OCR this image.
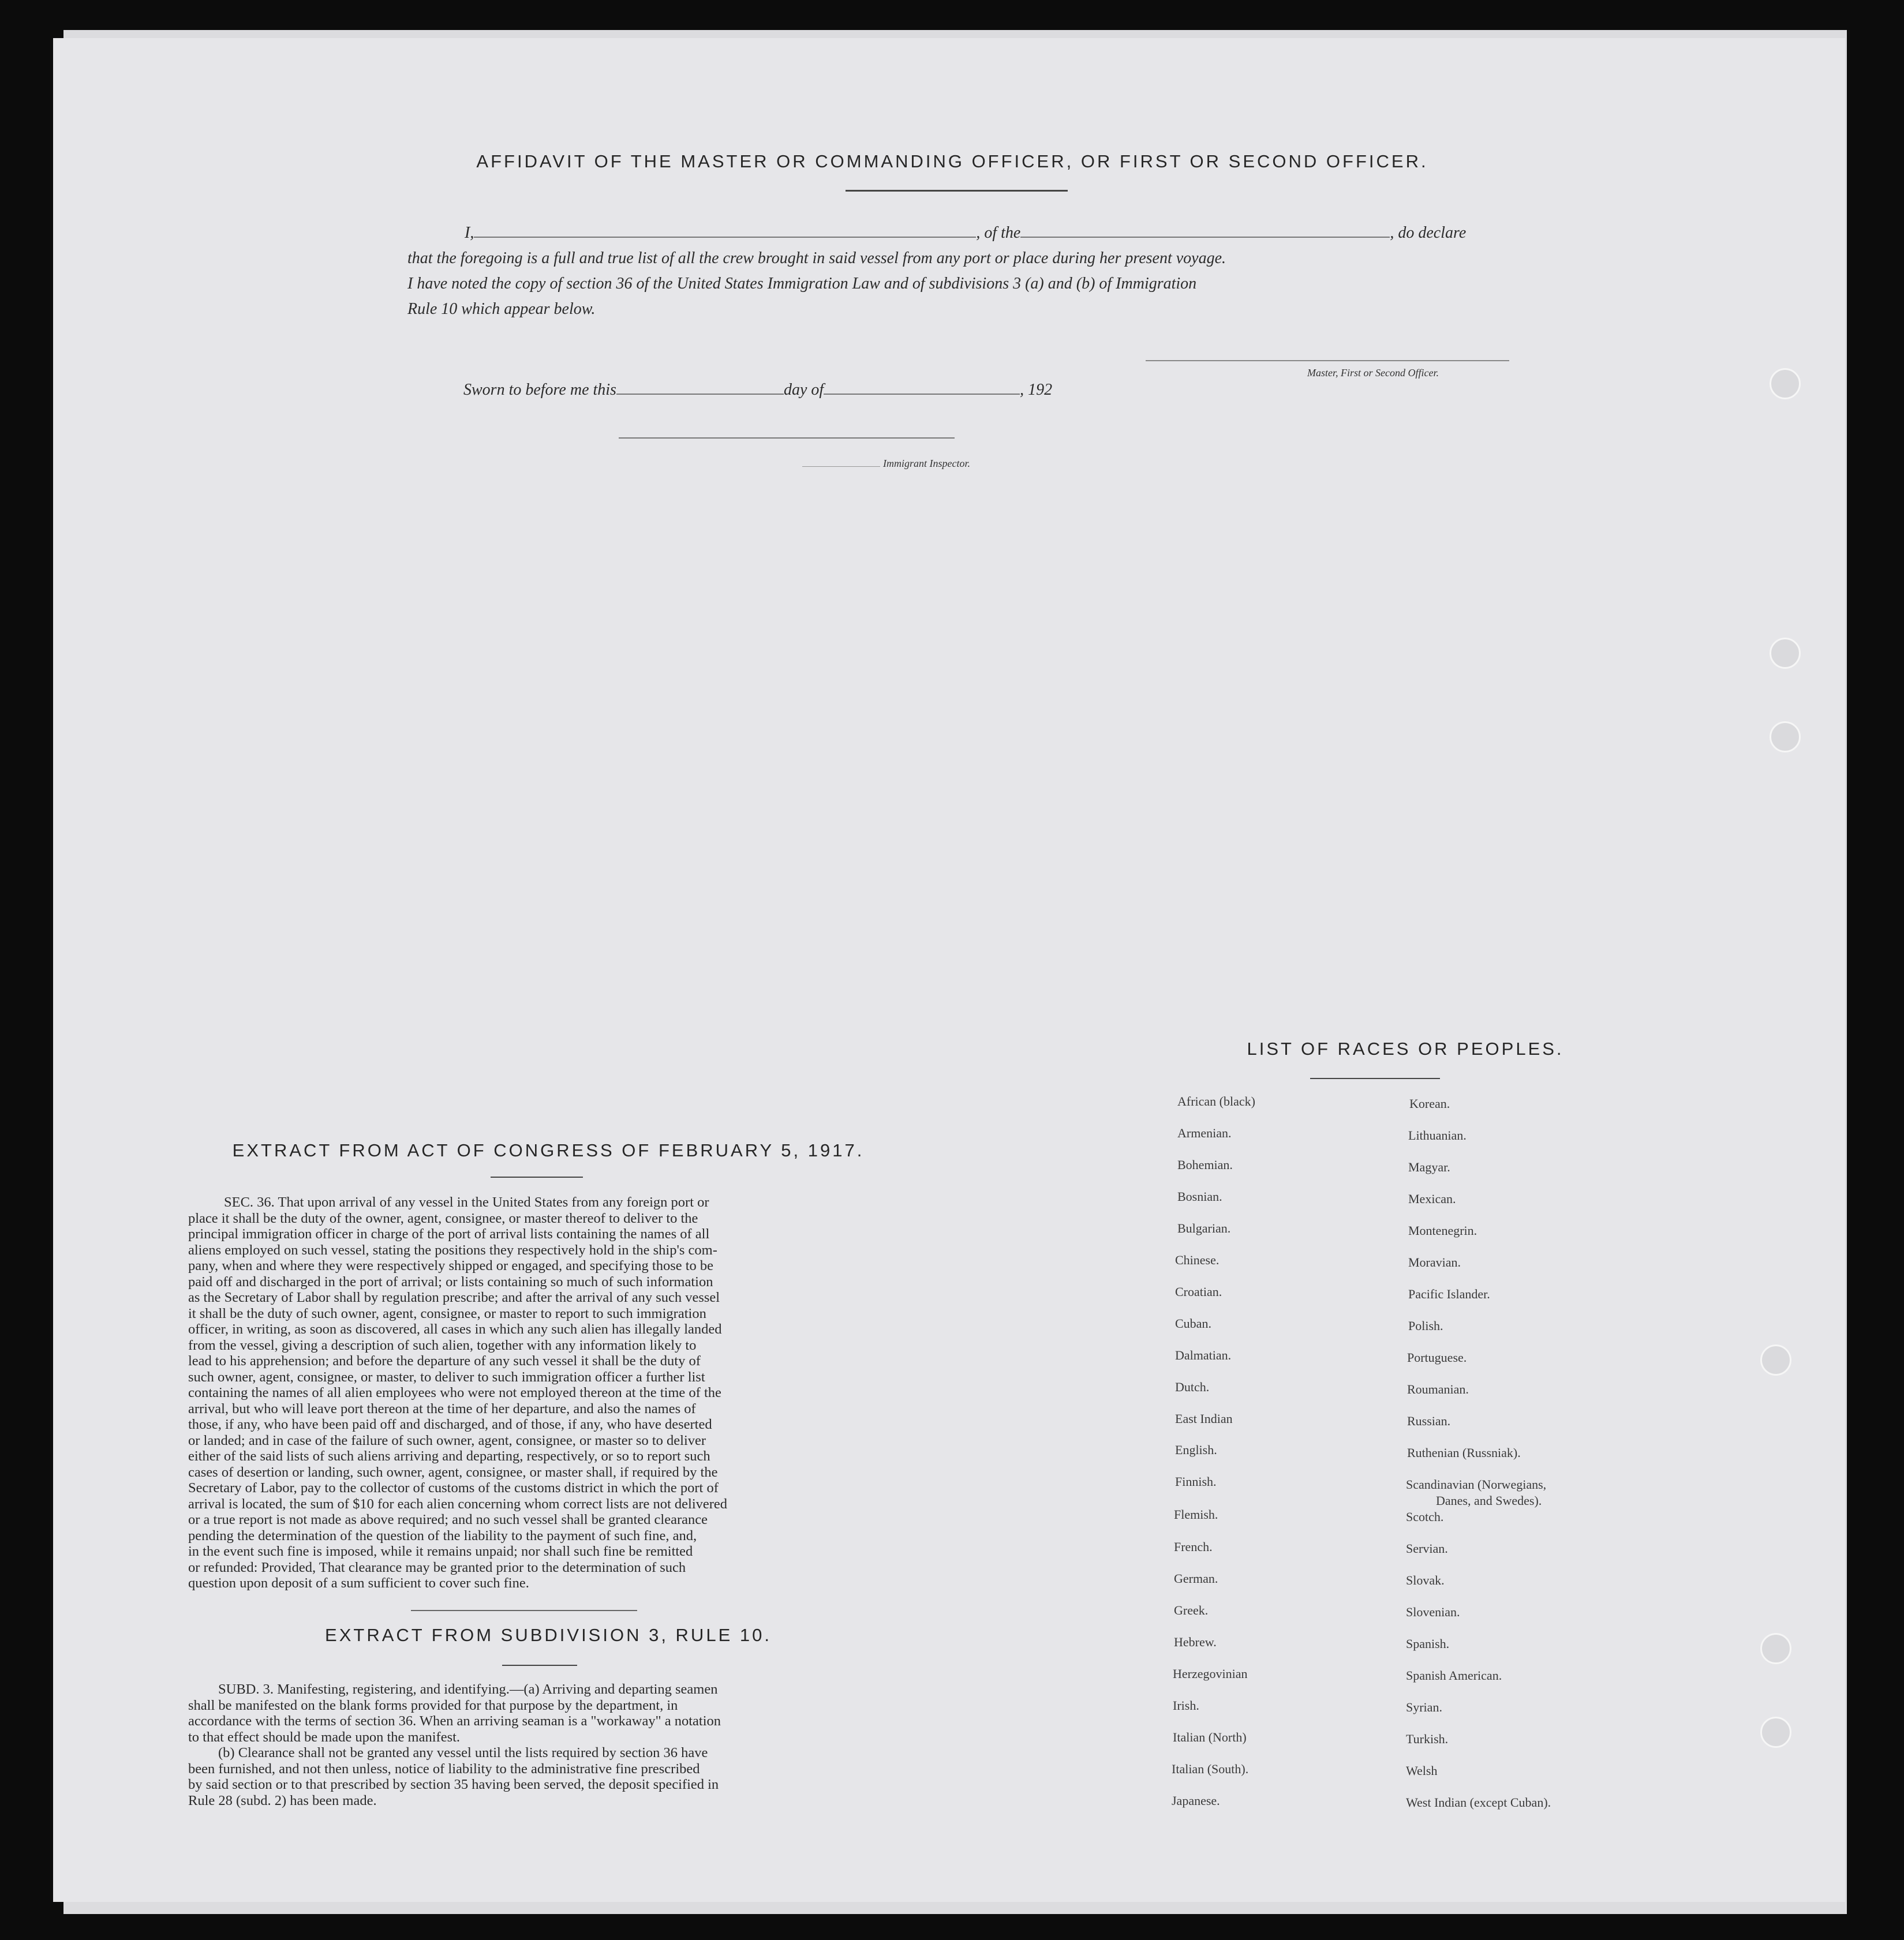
AFFIDAVIT OF THE MASTER OR COMMANDING OFFICER, OR FIRST OR SECOND OFFICER.
I,	, of the	, do declare
that the foregoing is a full and true list of all the crew brought in said vessel from any port or place during her present voyage.
I have noted the copy of section 36 of the United States Immigration Law and of subdivisions 3 (a) and (b) of Immigration
Rule 10 which appear below.
Master, First or Second Officer.
Sworn to before me this	day of	, 192
Immigrant Inspector.
EXTRACT FROM ACT OF CONGRESS OF FEBRUARY 5, 1917.
SEC. 36. That upon arrival of any vessel in the United States from any foreign port or
place it shall be the duty of the owner, agent, consignee, or master thereof to deliver to the
principal immigration officer in charge of the port of arrival lists containing the names of all
aliens employed on such vessel, stating the positions they respectively hold in the ship's com-
pany, when and where they were respectively shipped or engaged, and specifying those to be
paid off and discharged in the port of arrival; or lists containing so much of such information
as the Secretary of Labor shall by regulation prescribe; and after the arrival of any such vessel
it shall be the duty of such owner, agent, consignee, or master to report to such immigration
officer, in writing, as soon as discovered, all cases in which any such alien has illegally landed
from the vessel, giving a description of such alien, together with any information likely to
lead to his apprehension; and before the departure of any such vessel it shall be the duty of
such owner, agent, consignee, or master, to deliver to such immigration officer a further list
containing the names of all alien employees who were not employed thereon at the time of the
arrival, but who will leave port thereon at the time of her departure, and also the names of
those, if any, who have been paid off and discharged, and of those, if any, who have deserted
or landed; and in case of the failure of such owner, agent, consignee, or master so to deliver
either of the said lists of such aliens arriving and departing, respectively, or so to report such
cases of desertion or landing, such owner, agent, consignee, or master shall, if required by the
Secretary of Labor, pay to the collector of customs of the customs district in which the port of
arrival is located, the sum of $10 for each alien concerning whom correct lists are not delivered
or a true report is not made as above required; and no such vessel shall be granted clearance
pending the determination of the question of the liability to the payment of such fine, and,
in the event such fine is imposed, while it remains unpaid; nor shall such fine be remitted
or refunded: Provided, That clearance may be granted prior to the determination of such
question upon deposit of a sum sufficient to cover such fine.
EXTRACT FROM SUBDIVISION 3, RULE 10.
SUBD. 3. Manifesting, registering, and identifying.—(a) Arriving and departing seamen
shall be manifested on the blank forms provided for that purpose by the department, in
accordance with the terms of section 36. When an arriving seaman is a "workaway" a notation
to that effect should be made upon the manifest.
(b) Clearance shall not be granted any vessel until the lists required by section 36 have
been furnished, and not then unless, notice of liability to the administrative fine prescribed
by said section or to that prescribed by section 35 having been served, the deposit specified in
Rule 28 (subd. 2) has been made.
LIST OF RACES OR PEOPLES.
African (black)
Armenian.
Bohemian.
Bosnian.
Bulgarian.
Chinese.
Croatian.
Cuban.
Dalmatian.
Dutch.
East Indian
English.
Finnish.
Flemish.
French.
German.
Greek.
Hebrew.
Herzegovinian
Irish.
Italian (North)
Italian (South).
Japanese.
Korean.
Lithuanian.
Magyar.
Mexican.
Montenegrin.
Moravian.
Pacific Islander.
Polish.
Portuguese.
Roumanian.
Russian.
Ruthenian (Russniak).
Scandinavian (Norwegians,
Danes, and Swedes).
Scotch.
Servian.
Slovak.
Slovenian.
Spanish.
Spanish American.
Syrian.
Turkish.
Welsh
West Indian (except Cuban).
